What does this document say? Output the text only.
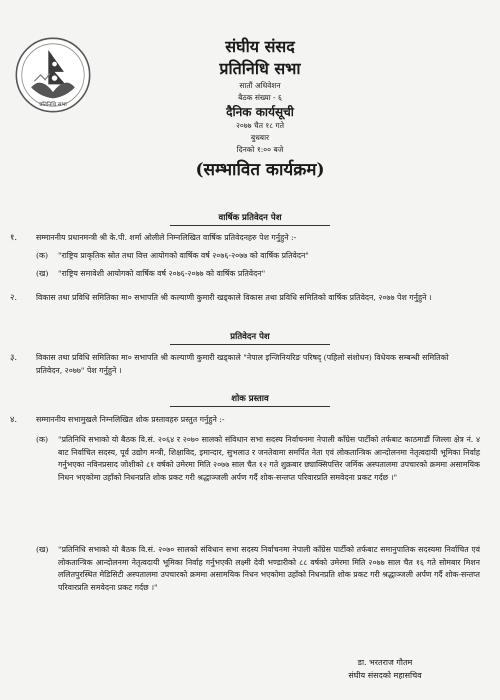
प्रतिनिधि सभा
संघीय संसद
प्रतिनिधि सभा
सातौं अधिवेशन
बैठक संख्या - ६
दैनिक कार्यसूची
२०७७ चैत १८ गते
बुधबार
दिनको १:०० बजे
(सम्भावित कार्यक्रम)
वार्षिक प्रतिवेदन पेश
१.	सम्माननीय प्रधानमन्त्री श्री के.पी. शर्मा ओलीले निम्नलिखित वार्षिक प्रतिवेदनहरु पेश गर्नुहुने :-
(क) "राष्ट्रिय प्राकृतिक स्रोत तथा वित्त आयोगको वार्षिक वर्ष २०७६-२०७७ को वार्षिक प्रतिवेदन"
(ख) "राष्ट्रिय समावेशी आयोगको वार्षिक वर्ष २०७६-२०७७ को वार्षिक प्रतिवेदन"
२.	विकास तथा प्रविधि समितिका मा० सभापति श्री कल्याणी कुमारी खड्काले विकास तथा प्रविधि समितिको वार्षिक प्रतिवेदन, २०७७ पेश गर्नुहुने ।
प्रतिवेदन पेश
३.	विकास तथा प्रविधि समितिका मा० सभापति श्री कल्याणी कुमारी खड्काले "नेपाल इन्जिनियरिङ परिषद् (पहिलो संशोधन) विधेयक सम्बन्धी समितिको प्रतिवेदन, २०७७" पेश गर्नुहुने ।
शोक प्रस्ताव
४.	सम्माननीय सभामुखले निम्नलिखित शोक प्रस्तावहरु प्रस्तुत गर्नुहुने :-
(क) "प्रतिनिधि सभाको यो बैठक वि.सं. २०६४ र २०७० सालको संविधान सभा सदस्य निर्वाचनमा नेपाली काँग्रेस पार्टीको तर्फबाट काठमाडौं जिल्ला क्षेत्र नं. ४ बाट निर्वाचित सदस्य, पूर्व उद्योग मन्त्री, शिक्षाविद, इमान्दार, सुभलाउ र जनतेवामा समर्पित नेता एवं लोकतान्त्रिक आन्दोलनमा नेतृत्वदायी भूमिका निर्वाह गर्नुभएका नविनप्रसाद जोशीको ८१ वर्षको उमेरमा मिति २०७७ साल चैत १२ गते शुक्रबार छ्याक्सिपत्तिर जर्मिक अस्पतालमा उपचारको क्रममा असामयिक निधन भएकोमा उहाँको निधनप्रति शोक प्रकट गरी श्रद्धाञ्जली अर्पण गर्दै शोक-सन्तप्त परिवारप्रति समवेदना प्रकट गर्दछ ।"
(ख) "प्रतिनिधि सभाको यो बैठक वि.सं. २०७० सालको संविधान सभा सदस्य निर्वाचनमा नेपाली काँग्रेस पार्टीको तर्फबाट समानुपातिक सदस्यमा निर्वाचित एवं लोकतान्त्रिक आन्दोलनमा नेतृत्वदायी भूमिका निर्वाह गर्नुभएकी लक्ष्मी देवी भण्डारीको ८८ वर्षको उमेरमा मिति २०७७ साल चैत १६ गते सोमबार मिशन ललितपुरस्थित मेडिसिटी अस्पतालमा उपचारको क्रममा असामयिक निधन भएकोमा उहाँको निधनप्रति शोक प्रकट गरी श्रद्धाञ्जली अर्पण गर्दै शोक-सन्तप्त परिवारप्रति समवेदना प्रकट गर्दछ ।"
डा. भरतराज गौतम
संघीय संसदको महासचिव
